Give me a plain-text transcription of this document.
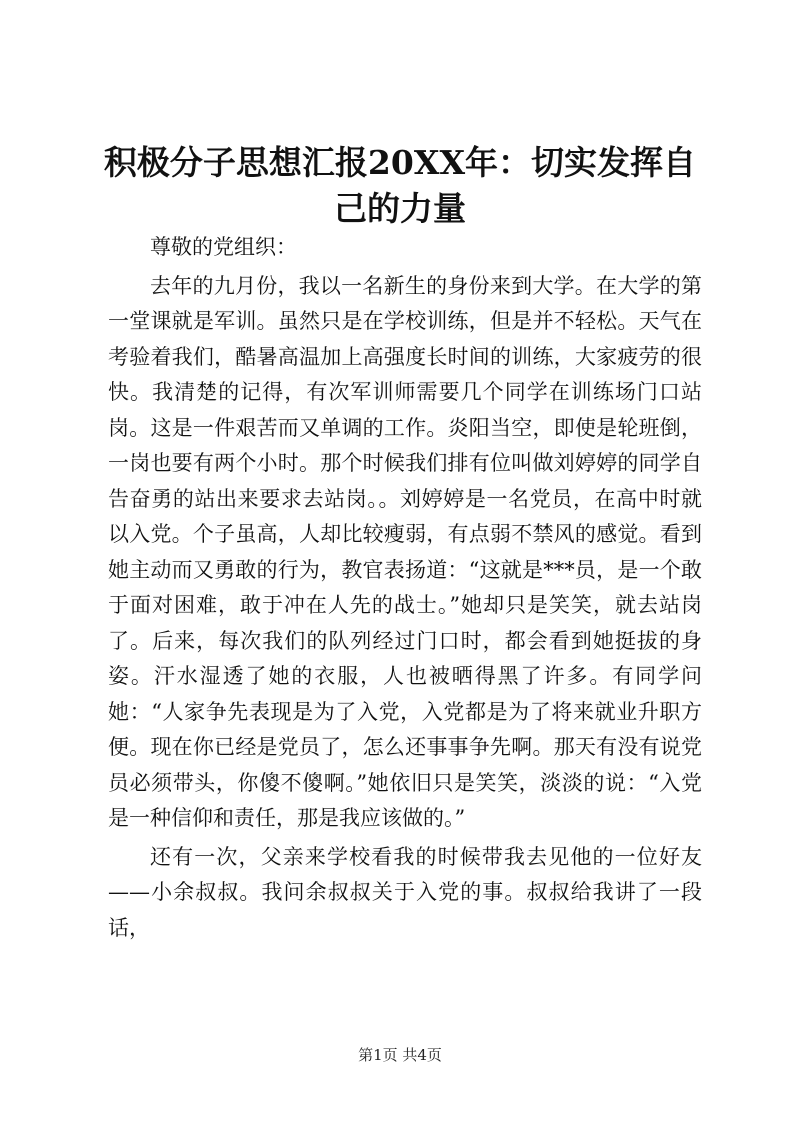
积极分子思想汇报20XX年：切实发挥自己的力量

尊敬的党组织：

去年的九月份，我以一名新生的身份来到大学。在大学的第一堂课就是军训。虽然只是在学校训练，但是并不轻松。天气在考验着我们，酷暑高温加上高强度长时间的训练，大家疲劳的很快。我清楚的记得，有次军训师需要几个同学在训练场门口站岗。这是一件艰苦而又单调的工作。炎阳当空，即使是轮班倒，一岗也要有两个小时。那个时候我们排有位叫做刘婷婷的同学自告奋勇的站出来要求去站岗。。刘婷婷是一名党员，在高中时就以入党。个子虽高，人却比较瘦弱，有点弱不禁风的感觉。看到她主动而又勇敢的行为，教官表扬道：“这就是***员，是一个敢于面对困难，敢于冲在人先的战士。”她却只是笑笑，就去站岗了。后来，每次我们的队列经过门口时，都会看到她挺拔的身姿。汗水湿透了她的衣服，人也被晒得黑了许多。有同学问她：“人家争先表现是为了入党，入党都是为了将来就业升职方便。现在你已经是党员了，怎么还事事争先啊。那天有没有说党员必须带头，你傻不傻啊。”她依旧只是笑笑，淡淡的说：“入党是一种信仰和责任，那是我应该做的。”

还有一次，父亲来学校看我的时候带我去见他的一位好友——小余叔叔。我问余叔叔关于入党的事。叔叔给我讲了一段话，

第1页 共4页
